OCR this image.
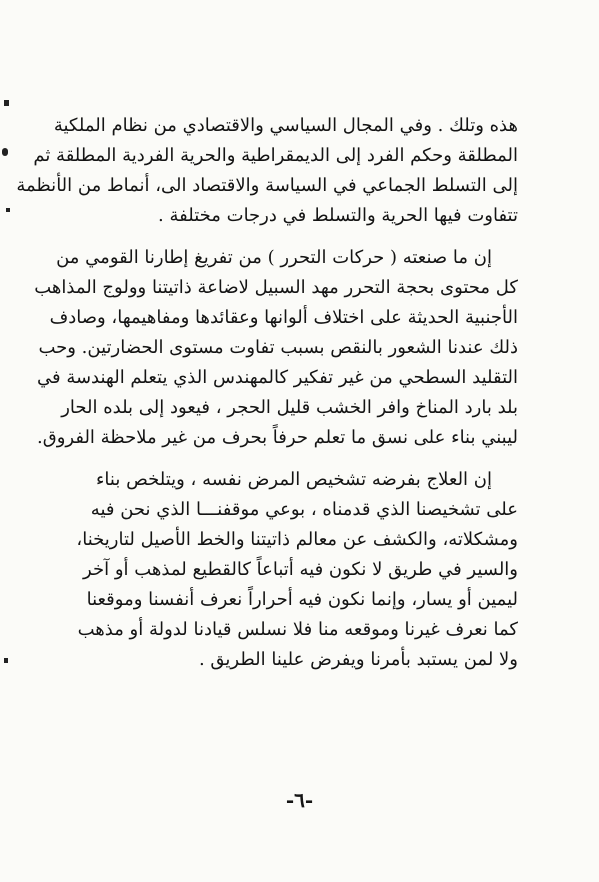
هذه وتلك . وفي المجال السياسي والاقتصادي من نظام الملكية
المطلقة وحكم الفرد إلى الديمقراطية والحرية الفردية المطلقة ثم
إلى التسلط الجماعي في السياسة والاقتصاد الى، أنماط من الأنظمة
تتفاوت فيها الحرية والتسلط في درجات مختلفة .
إن ما صنعته ( حركات التحرر ) من تفريغ إطارنا القومي من
كل محتوى بحجة التحرر مهد السبيل لاضاعة ذاتيتنا وولوج المذاهب
الأجنبية الحديثة على اختلاف ألوانها وعقائدها ومفاهيمها، وصادف
ذلك عندنا الشعور بالنقص بسبب تفاوت مستوى الحضارتين. وحب
التقليد السطحي من غير تفكير كالمهندس الذي يتعلم الهندسة في
بلد بارد المناخ وافر الخشب قليل الحجر ، فيعود إلى بلده الحار
ليبني بناء على نسق ما تعلم حرفاً بحرف من غير ملاحظة الفروق.
إن العلاج بفرضه تشخيص المرض نفسه ، ويتلخص بناء
على تشخيصنا الذي قدمناه ، بوعي موقفنـــا الذي نحن فيه
ومشكلاته، والكشف عن معالم ذاتيتنا والخط الأصيل لتاريخنا،
والسير في طريق لا نكون فيه أتباعاً كالقطيع لمذهب أو آخر
ليمين أو يسار، وإنما نكون فيه أحراراً نعرف أنفسنا وموقعنا
كما نعرف غيرنا وموقعه منا فلا نسلس قيادنا لدولة أو مذهب
ولا لمن يستبد بأمرنا ويفرض علينا الطريق .
-٦-
